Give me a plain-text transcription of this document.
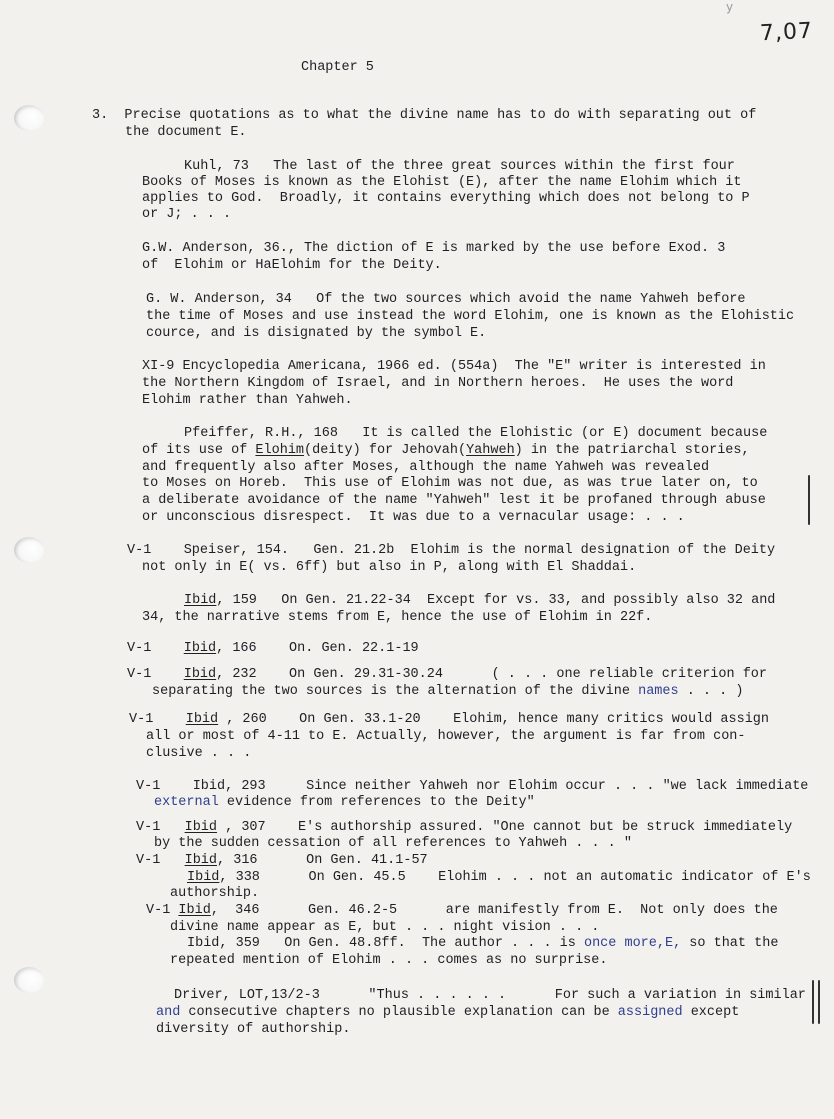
y
7,07
Chapter 5
3.  Precise quotations as to what the divine name has to do with separating out of
the document E.
Kuhl, 73   The last of the three great sources within the first four
Books of Moses is known as the Elohist (E), after the name Elohim which it
applies to God.  Broadly, it contains everything which does not belong to P
or J; . . .
G.W. Anderson, 36., The diction of E is marked by the use before Exod. 3
of  Elohim or HaElohim for the Deity.
G. W. Anderson, 34   Of the two sources which avoid the name Yahweh before
the time of Moses and use instead the word Elohim, one is known as the Elohistic
cource, and is disignated by the symbol E.
XI-9 Encyclopedia Americana, 1966 ed. (554a)  The "E" writer is interested in
the Northern Kingdom of Israel, and in Northern heroes.  He uses the word
Elohim rather than Yahweh.
Pfeiffer, R.H., 168   It is called the Elohistic (or E) document because
of its use of Elohim(deity) for Jehovah(Yahweh) in the patriarchal stories,
and frequently also after Moses, although the name Yahweh was revealed
to Moses on Horeb.  This use of Elohim was not due, as was true later on, to
a deliberate avoidance of the name "Yahweh" lest it be profaned through abuse
or unconscious disrespect.  It was due to a vernacular usage: . . .
V-1    Speiser, 154.   Gen. 21.2b  Elohim is the normal designation of the Deity
not only in E( vs. 6ff) but also in P, along with El Shaddai.
Ibid, 159   On Gen. 21.22-34  Except for vs. 33, and possibly also 32 and
34, the narrative stems from E, hence the use of Elohim in 22f.
V-1    Ibid, 166    On. Gen. 22.1-19
V-1    Ibid, 232    On Gen. 29.31-30.24      ( . . . one reliable criterion for
separating the two sources is the alternation of the divine names . . . )
V-1    Ibid , 260    On Gen. 33.1-20    Elohim, hence many critics would assign
all or most of 4-11 to E. Actually, however, the argument is far from con-
clusive . . .
V-1    Ibid, 293     Since neither Yahweh nor Elohim occur . . . "we lack immediate
external evidence from references to the Deity"
V-1   Ibid , 307    E's authorship assured. "One cannot but be struck immediately
by the sudden cessation of all references to Yahweh . . . "
V-1   Ibid, 316      On Gen. 41.1-57
Ibid, 338      On Gen. 45.5    Elohim . . . not an automatic indicator of E's
authorship.
V-1 Ibid,  346      Gen. 46.2-5      are manifestly from E.  Not only does the
divine name appear as E, but . . . night vision . . .
Ibid, 359   On Gen. 48.8ff.  The author . . . is once more,E, so that the
repeated mention of Elohim . . . comes as no surprise.
Driver, LOT,13/2-3      "Thus . . . . . .      For such a variation in similar
and consecutive chapters no plausible explanation can be assigned except
diversity of authorship.
